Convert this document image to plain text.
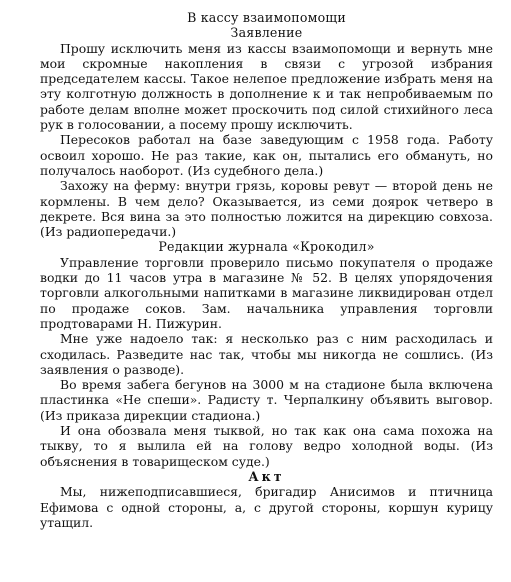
В кассу взаимопомощи
Заявление

Прошу исключить меня из кассы взаимопомощи и вернуть мне мои скромные накопления в связи с угрозой избрания председателем кассы. Такое нелепое предложение избрать меня на эту колготную должность в дополнение к и так непробиваемым по работе делам вполне может проскочить под силой стихийного леса рук в голосовании, а посему прошу исключить.

Пересоков работал на базе заведующим с 1958 года. Работу освоил хорошо. Не раз такие, как он, пытались его обмануть, но получалось наоборот. (Из судебного дела.)

Захожу на ферму: внутри грязь, коровы ревут — второй день не кормлены. В чем дело? Оказывается, из семи доярок четверо в декрете. Вся вина за это полностью ложится на дирекцию совхоза. (Из радиопередачи.)

Редакции журнала «Крокодил»

Управление торговли проверило письмо покупателя о продаже водки до 11 часов утра в магазине № 52. В целях упорядочения торговли алкогольными напитками в магазине ликвидирован отдел по продаже соков. Зам. начальника управления торговли продтоварами Н. Пижурин.

Мне уже надоело так: я несколько раз с ним расходилась и сходилась. Разведите нас так, чтобы мы никогда не сошлись. (Из заявления о разводе).

Во время забега бегунов на 3000 м на стадионе была включена пластинка «Не спеши». Радисту т. Черпалкину объявить выговор. (Из приказа дирекции стадиона.)

И она обозвала меня тыквой, но так как она сама похожа на тыкву, то я вылила ей на голову ведро холодной воды. (Из объяснения в товарищеском суде.)

Акт

Мы, нижеподписавшиеся, бригадир Анисимов и птичница Ефимова с одной стороны, а, с другой стороны, коршун курицу утащил.
